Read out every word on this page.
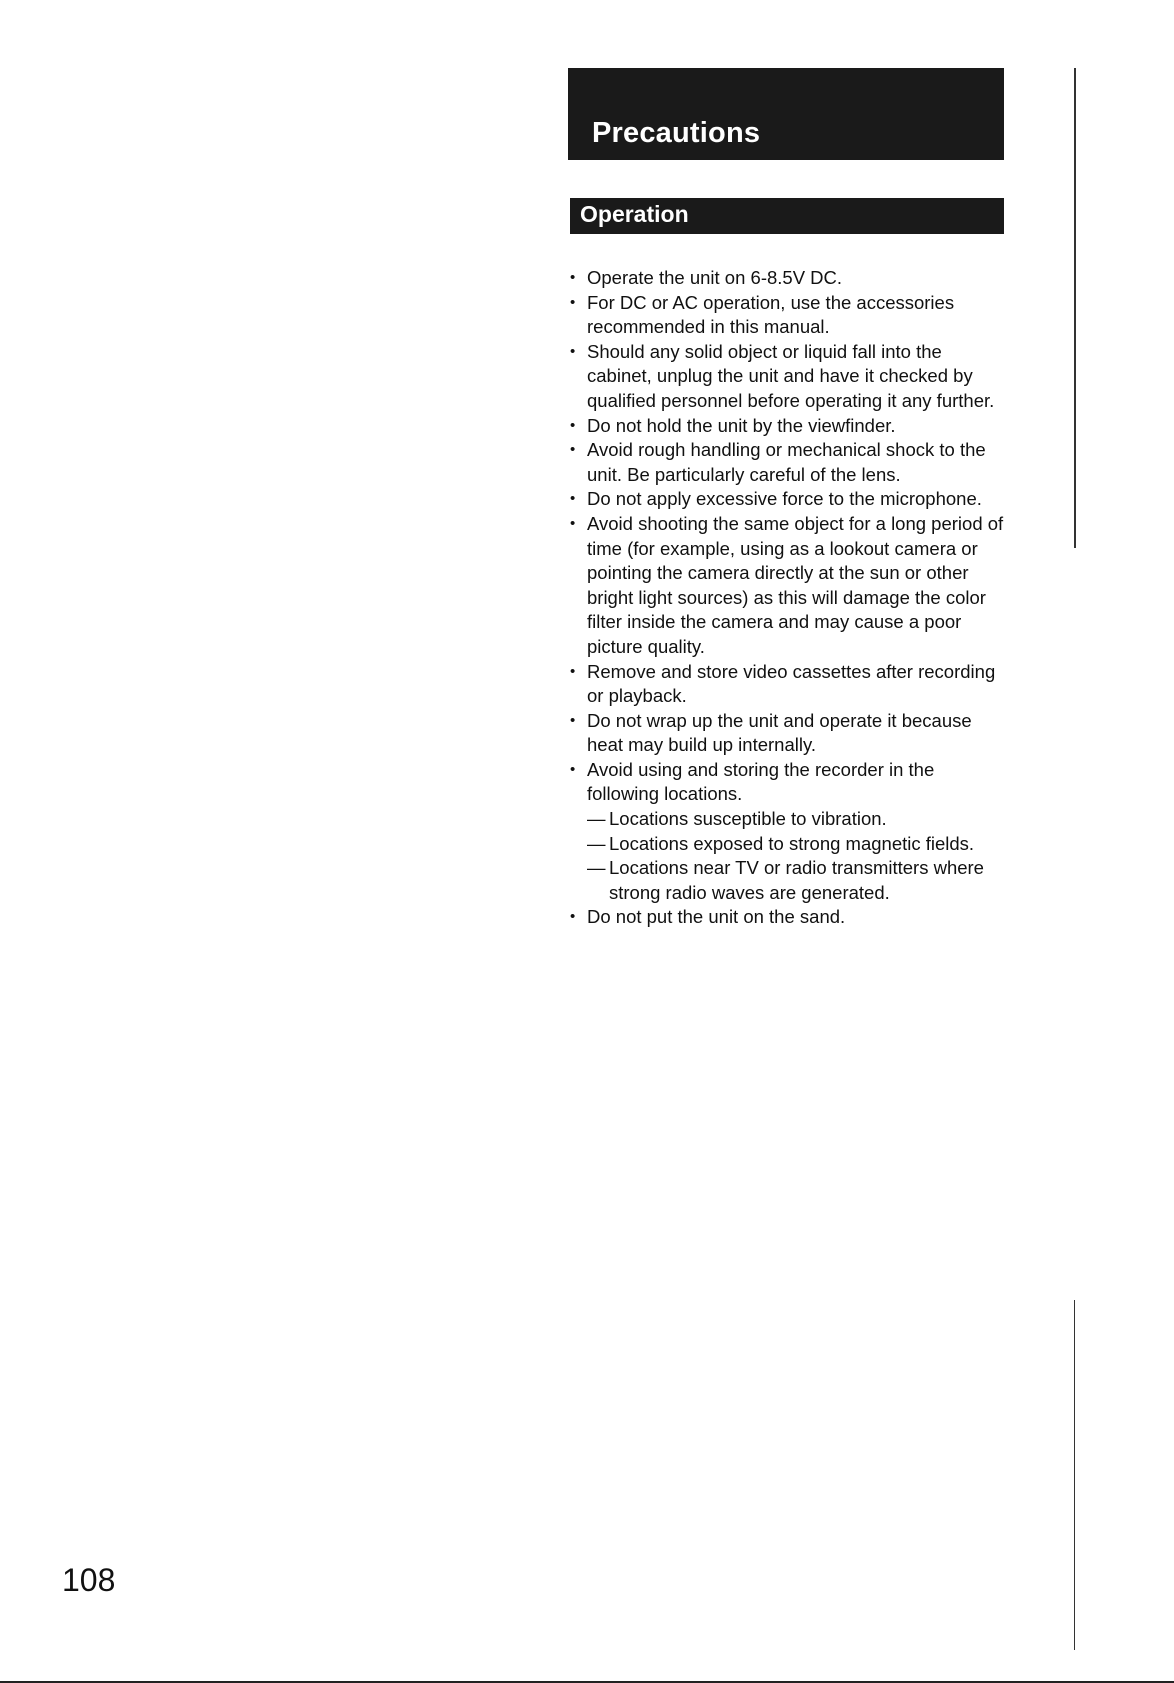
Precautions
Operation
• Operate the unit on 6-8.5V DC.
• For DC or AC operation, use the accessories recommended in this manual.
• Should any solid object or liquid fall into the cabinet, unplug the unit and have it checked by qualified personnel before operating it any further.
• Do not hold the unit by the viewfinder.
• Avoid rough handling or mechanical shock to the unit. Be particularly careful of the lens.
• Do not apply excessive force to the microphone.
• Avoid shooting the same object for a long period of time (for example, using as a lookout camera or pointing the camera directly at the sun or other bright light sources) as this will damage the color filter inside the camera and may cause a poor picture quality.
• Remove and store video cassettes after recording or playback.
• Do not wrap up the unit and operate it because heat may build up internally.
• Avoid using and storing the recorder in the following locations.
— Locations susceptible to vibration.
— Locations exposed to strong magnetic fields.
— Locations near TV or radio transmitters where strong radio waves are generated.
• Do not put the unit on the sand.
108
